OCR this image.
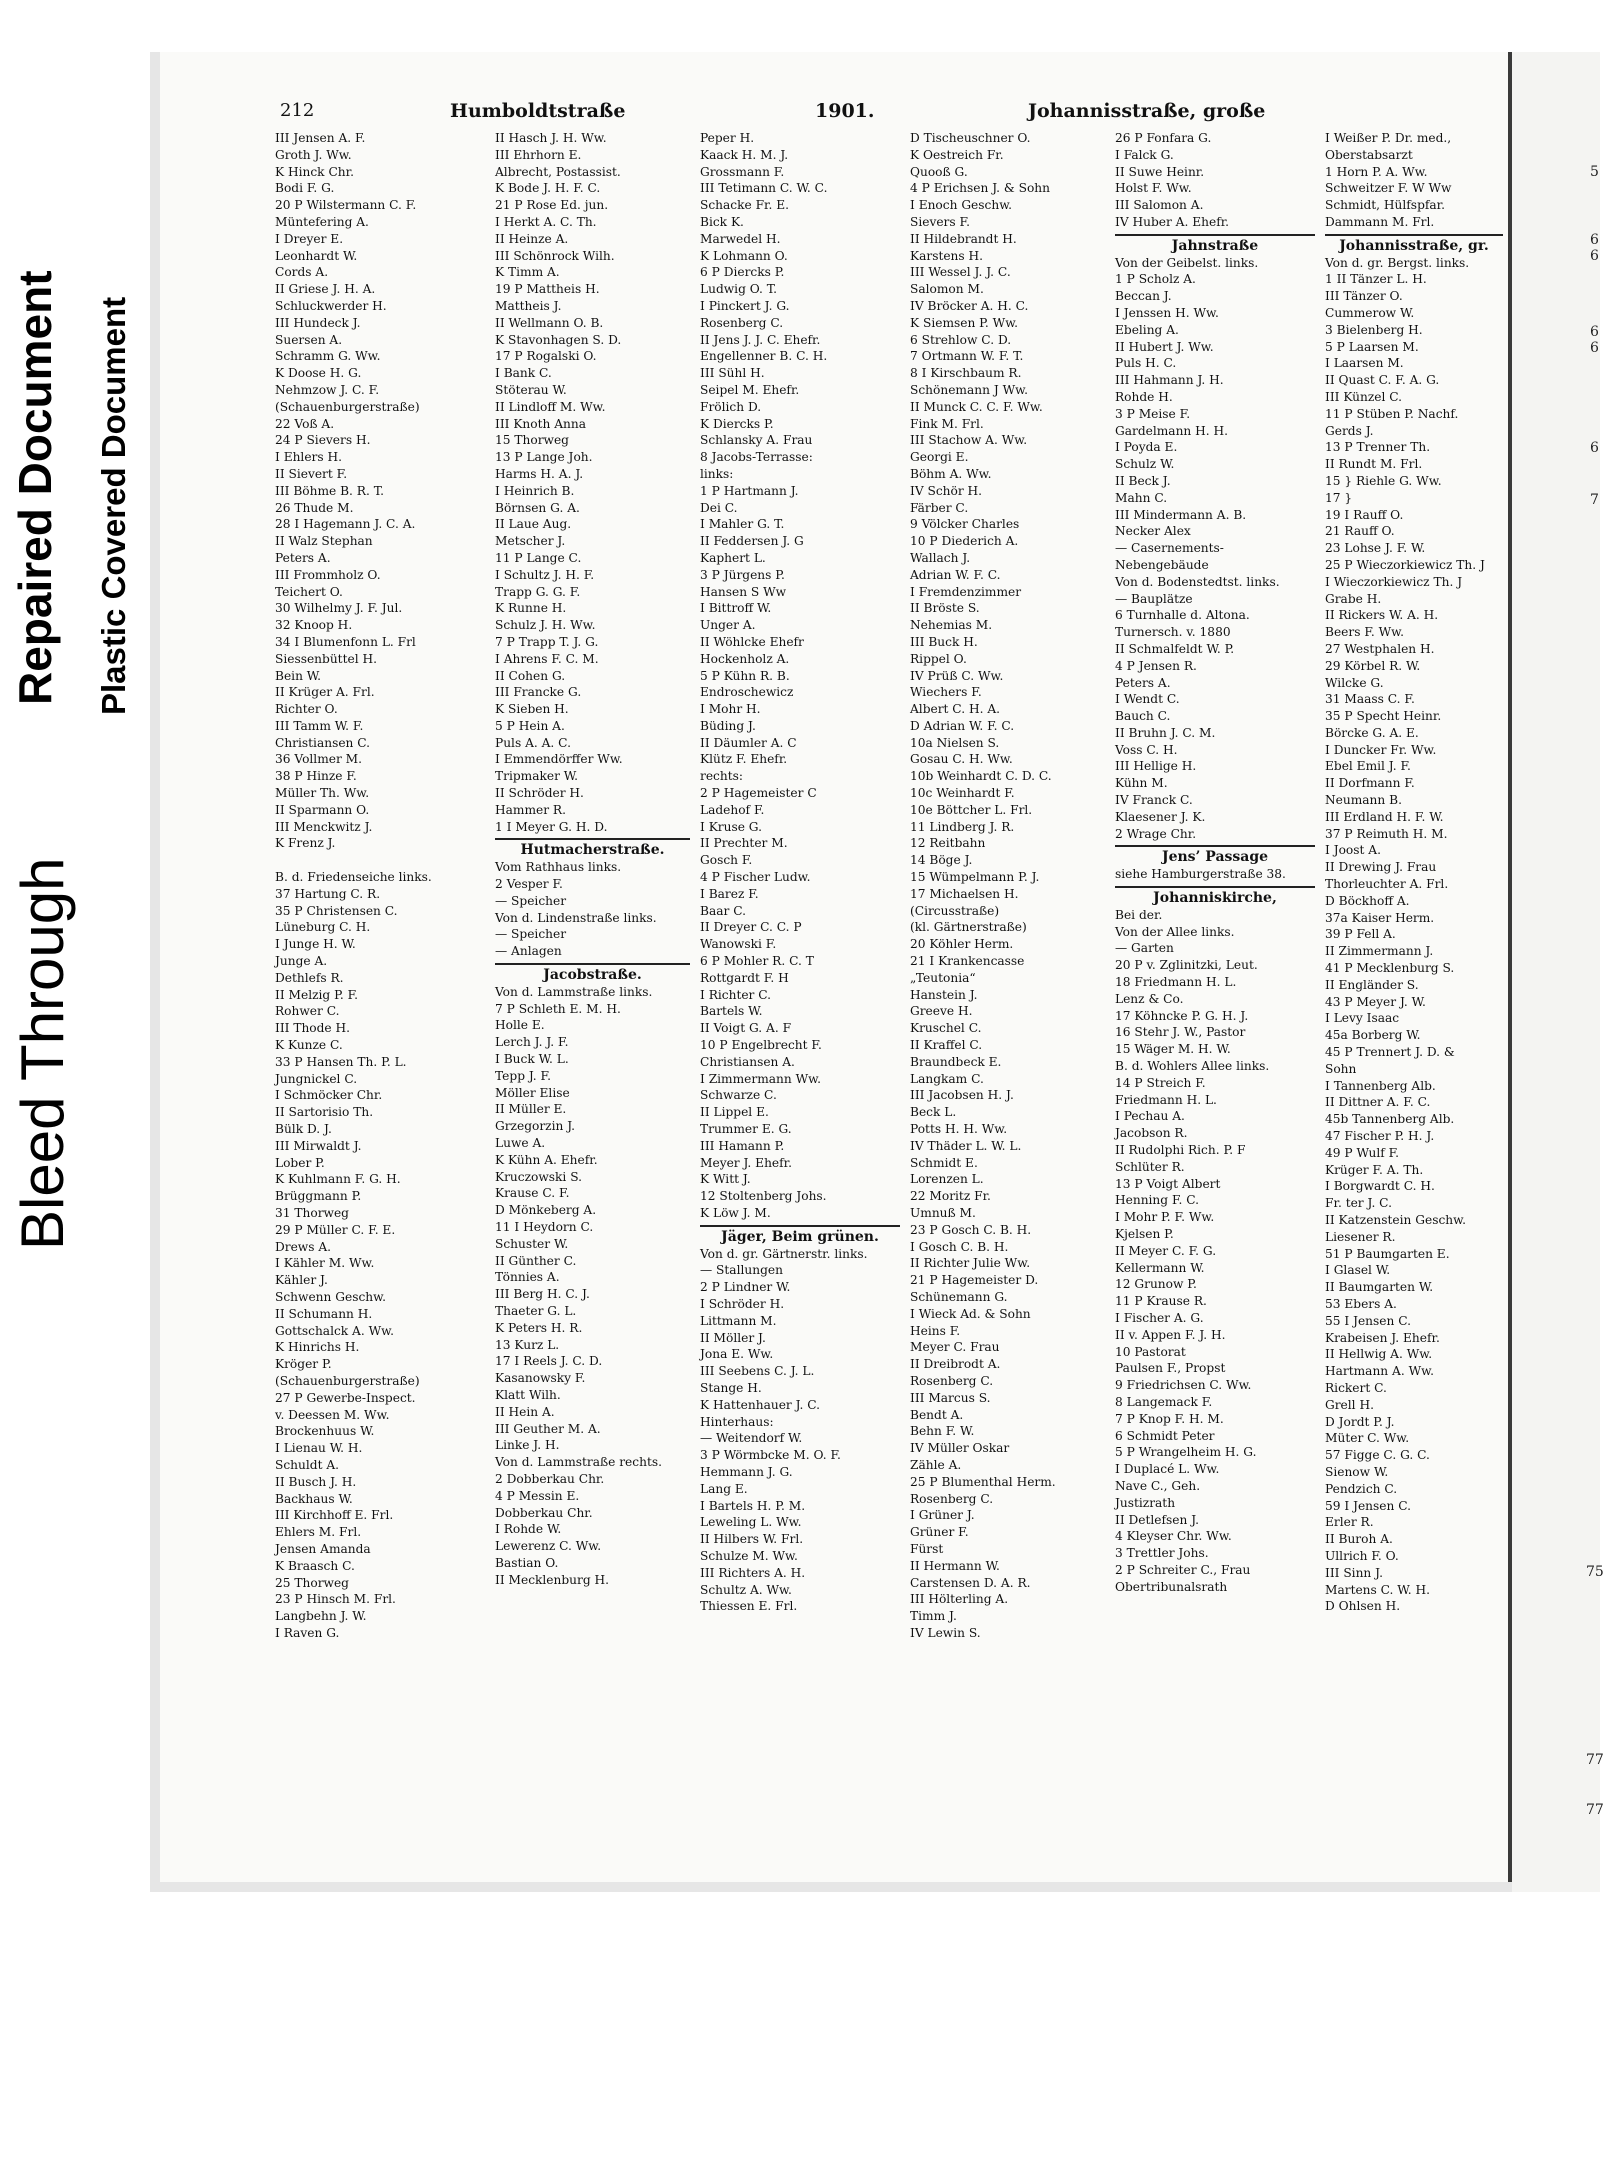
Bleed Through
Repaired Document Plastic Covered Document
212	Humboldtstraße	1901.	Johannisstraße, große
III Jensen A. F.
Groth J. Ww.
K Hinck Chr.
Bodi F. G.
20 P Wilstermann C. F.
Müntefering A.
I Dreyer E.
Leonhardt W.
Cords A.
II Griese J. H. A.
Schluckwerder H.
III Hundeck J.
Suersen A.
Schramm G. Ww.
K Doose H. G.
Nehmzow J. C. F.
(Schauenburgerstraße)
22 Voß A.
24 P Sievers H.
I Ehlers H.
II Sievert F.
III Böhme B. R. T.
26 Thude M.
28 I Hagemann J. C. A.
II Walz Stephan
Peters A.
III Frommholz O.
Teichert O.
30 Wilhelmy J. F. Jul.
32 Knoop H.
34 I Blumenfonn L. Frl
Siessenbüttel H.
Bein W.
II Krüger A. Frl.
Richter O.
III Tamm W. F.
Christiansen C.
36 Vollmer M.
38 P Hinze F.
Müller Th. Ww.
II Sparmann O.
III Menckwitz J.
K Frenz J.

B. d. Friedenseiche links.
37 Hartung C. R.
35 P Christensen C.
Lüneburg C. H.
I Junge H. W.
Junge A.
Dethlefs R.
II Melzig P. F.
Rohwer C.
III Thode H.
K Kunze C.
33 P Hansen Th. P. L.
Jungnickel C.
I Schmöcker Chr.
II Sartorisio Th.
Bülk D. J.
III Mirwaldt J.
Lober P.
K Kuhlmann F. G. H.
Brüggmann P.
31 Thorweg
29 P Müller C. F. E.
Drews A.
I Kähler M. Ww.
Kähler J.
Schwenn Geschw.
II Schumann H.
Gottschalck A. Ww.
K Hinrichs H.
Kröger P.
(Schauenburgerstraße)
27 P Gewerbe-Inspect.
v. Deessen M. Ww.
Brockenhuus W.
I Lienau W. H.
Schuldt A.
II Busch J. H.
Backhaus W.
III Kirchhoff E. Frl.
Ehlers M. Frl.
Jensen Amanda
K Braasch C.
25 Thorweg
23 P Hinsch M. Frl.
Langbehn J. W.
I Raven G.
II Hasch J. H. Ww.
III Ehrhorn E.
Albrecht, Postassist.
K Bode J. H. F. C.
21 P Rose Ed. jun.
I Herkt A. C. Th.
II Heinze A.
III Schönrock Wilh.
K Timm A.
19 P Mattheis H.
Mattheis J.
II Wellmann O. B.
K Stavonhagen S. D.
17 P Rogalski O.
I Bank C.
Stöterau W.
II Lindloff M. Ww.
III Knoth Anna
15 Thorweg
13 P Lange Joh.
Harms H. A. J.
I Heinrich B.
Börnsen G. A.
II Laue Aug.
Metscher J.
11 P Lange C.
I Schultz J. H. F.
Trapp G. G. F.
K Runne H.
Schulz J. H. Ww.
7 P Trapp T. J. G.
I Ahrens F. C. M.
II Cohen G.
III Francke G.
K Sieben H.
5 P Hein A.
Puls A. A. C.
I Emmendörffer Ww.
Tripmaker W.
II Schröder H.
Hammer R.
1 I Meyer G. H. D.
Hutmacherstraße.
Vom Rathhaus links.
2 Vesper F.
— Speicher
Von d. Lindenstraße links.
— Speicher
— Anlagen
Jacobstraße.
Von d. Lammstraße links.
7 P Schleth E. M. H.
Holle E.
Lerch J. J. F.
I Buck W. L.
Tepp J. F.
Möller Elise
II Müller E.
Grzegorzin J.
Luwe A.
K Kühn A. Ehefr.
Kruczowski S.
Krause C. F.
D Mönkeberg A.
11 I Heydorn C.
Schuster W.
II Günther C.
Tönnies A.
III Berg H. C. J.
Thaeter G. L.
K Peters H. R.
13 Kurz L.
17 I Reels J. C. D.
Kasanowsky F.
Klatt Wilh.
II Hein A.
III Geuther M. A.
Linke J. H.
Von d. Lammstraße rechts.
2 Dobberkau Chr.
4 P Messin E.
Dobberkau Chr.
I Rohde W.
Lewerenz C. Ww.
Bastian O.
II Mecklenburg H.
Peper H.
Kaack H. M. J.
Grossmann F.
III Tetimann C. W. C.
Schacke Fr. E.
Bick K.
Marwedel H.
K Lohmann O.
6 P Diercks P.
Ludwig O. T.
I Pinckert J. G.
Rosenberg C.
II Jens J. J. C. Ehefr.
Engellenner B. C. H.
III Sühl H.
Seipel M. Ehefr.
Frölich D.
K Diercks P.
Schlansky A. Frau
8 Jacobs-Terrasse:
links:
1 P Hartmann J.
Dei C.
I Mahler G. T.
II Feddersen J. G
Kaphert L.
3 P Jürgens P.
Hansen S Ww
I Bittroff W.
Unger A.
II Wöhlcke Ehefr
Hockenholz A.
5 P Kühn R. B.
Endroschewicz
I Mohr H.
Büding J.
II Däumler A. C
Klütz F. Ehefr.
rechts:
2 P Hagemeister C
Ladehof F.
I Kruse G.
II Prechter M.
Gosch F.
4 P Fischer Ludw.
I Barez F.
Baar C.
II Dreyer C. C. P
Wanowski F.
6 P Mohler R. C. T
Rottgardt F. H
I Richter C.
Bartels W.
II Voigt G. A. F
10 P Engelbrecht F.
Christiansen A.
I Zimmermann Ww.
Schwarze C.
II Lippel E.
Trummer E. G.
III Hamann P.
Meyer J. Ehefr.
K Witt J.
12 Stoltenberg Johs.
K Löw J. M.
Jäger, Beim grünen.
Von d. gr. Gärtnerstr. links.
— Stallungen
2 P Lindner W.
I Schröder H.
Littmann M.
II Möller J.
Jona E. Ww.
III Seebens C. J. L.
Stange H.
K Hattenhauer J. C.
Hinterhaus:
— Weitendorf W.
3 P Wörmbcke M. O. F.
Hemmann J. G.
Lang E.
I Bartels H. P. M.
Leweling L. Ww.
II Hilbers W. Frl.
Schulze M. Ww.
III Richters A. H.
Schultz A. Ww.
Thiessen E. Frl.
D Tischeuschner O.
K Oestreich Fr.
Quooß G.
4 P Erichsen J. & Sohn
I Enoch Geschw.
Sievers F.
II Hildebrandt H.
Karstens H.
III Wessel J. J. C.
Salomon M.
IV Bröcker A. H. C.
K Siemsen P. Ww.
6 Strehlow C. D.
7 Ortmann W. F. T.
8 I Kirschbaum R.
Schönemann J Ww.
II Munck C. C. F. Ww.
Fink M. Frl.
III Stachow A. Ww.
Georgi E.
Böhm A. Ww.
IV Schör H.
Färber C.
9 Völcker Charles
10 P Diederich A.
Wallach J.
Adrian W. F. C.
I Fremdenzimmer
II Bröste S.
Nehemias M.
III Buck H.
Rippel O.
IV Prüß C. Ww.
Wiechers F.
Albert C. H. A.
D Adrian W. F. C.
10a Nielsen S.
Gosau C. H. Ww.
10b Weinhardt C. D. C.
10c Weinhardt F.
10e Böttcher L. Frl.
11 Lindberg J. R.
12 Reitbahn
14 Böge J.
15 Wümpelmann P. J.
17 Michaelsen H.
(Circusstraße)
(kl. Gärtnerstraße)
20 Köhler Herm.
21 I Krankencasse
„Teutonia“
Hanstein J.
Greeve H.
Kruschel C.
II Kraffel C.
Braundbeck E.
Langkam C.
III Jacobsen H. J.
Beck L.
Potts H. H. Ww.
IV Thäder L. W. L.
Schmidt E.
Lorenzen L.
22 Moritz Fr.
Umnuß M.
23 P Gosch C. B. H.
I Gosch C. B. H.
II Richter Julie Ww.
21 P Hagemeister D.
Schünemann G.
I Wieck Ad. & Sohn
Heins F.
Meyer C. Frau
II Dreibrodt A.
Rosenberg C.
III Marcus S.
Bendt A.
Behn F. W.
IV Müller Oskar
Zähle A.
25 P Blumenthal Herm.
Rosenberg C.
I Grüner J.
Grüner F.
Fürst
II Hermann W.
Carstensen D. A. R.
III Hölterling A.
Timm J.
IV Lewin S.
26 P Fonfara G.
I Falck G.
II Suwe Heinr.
Holst F. Ww.
III Salomon A.
IV Huber A. Ehefr.
Jahnstraße
Von der Geibelst. links.
1 P Scholz A.
Beccan J.
I Jenssen H. Ww.
Ebeling A.
II Hubert J. Ww.
Puls H. C.
III Hahmann J. H.
Rohde H.
3 P Meise F.
Gardelmann H. H.
I Poyda E.
Schulz W.
II Beck J.
Mahn C.
III Mindermann A. B.
Necker Alex
— Casernements-
Nebengebäude
Von d. Bodenstedtst. links.
— Bauplätze
6 Turnhalle d. Altona.
Turnersch. v. 1880
II Schmalfeldt W. P.
4 P Jensen R.
Peters A.
I Wendt C.
Bauch C.
II Bruhn J. C. M.
Voss C. H.
III Hellige H.
Kühn M.
IV Franck C.
Klaesener J. K.
2 Wrage Chr.
Jens’ Passage
siehe Hamburgerstraße 38.
Johanniskirche,
Bei der.
Von der Allee links.
— Garten
20 P v. Zglinitzki, Leut.
18 Friedmann H. L.
Lenz & Co.
17 Köhncke P. G. H. J.
16 Stehr J. W., Pastor
15 Wäger M. H. W.
B. d. Wohlers Allee links.
14 P Streich F.
Friedmann H. L.
I Pechau A.
Jacobson R.
II Rudolphi Rich. P. F
Schlüter R.
13 P Voigt Albert
Henning F. C.
I Mohr P. F. Ww.
Kjelsen P.
II Meyer C. F. G.
Kellermann W.
12 Grunow P.
11 P Krause R.
I Fischer A. G.
II v. Appen F. J. H.
10 Pastorat
Paulsen F., Propst
9 Friedrichsen C. Ww.
8 Langemack F.
7 P Knop F. H. M.
6 Schmidt Peter
5 P Wrangelheim H. G.
I Duplacé L. Ww.
Nave C., Geh.
Justizrath
II Detlefsen J.
4 Kleyser Chr. Ww.
3 Trettler Johs.
2 P Schreiter C., Frau
Obertribunalsrath
I Weißer P. Dr. med.,
Oberstabsarzt
1 Horn P. A. Ww.
Schweitzer F. W Ww
Schmidt, Hülfspfar.
Dammann M. Frl.
Johannisstraße, gr.
Von d. gr. Bergst. links.
1 II Tänzer L. H.
III Tänzer O.
Cummerow W.
3 Bielenberg H.
5 P Laarsen M.
I Laarsen M.
II Quast C. F. A. G.
III Künzel C.
11 P Stüben P. Nachf.
Gerds J.
13 P Trenner Th.
II Rundt M. Frl.
15 } Riehle G. Ww.
17 }
19 I Rauff O.
21 Rauff O.
23 Lohse J. F. W.
25 P Wieczorkiewicz Th. J
I Wieczorkiewicz Th. J
Grabe H.
II Rickers W. A. H.
Beers F. Ww.
27 Westphalen H.
29 Körbel R. W.
Wilcke G.
31 Maass C. F.
35 P Specht Heinr.
Börcke G. A. E.
I Duncker Fr. Ww.
Ebel Emil J. F.
II Dorfmann F.
Neumann B.
III Erdland H. F. W.
37 P Reimuth H. M.
I Joost A.
II Drewing J. Frau
Thorleuchter A. Frl.
D Böckhoff A.
37a Kaiser Herm.
39 P Fell A.
II Zimmermann J.
41 P Mecklenburg S.
II Engländer S.
43 P Meyer J. W.
I Levy Isaac
45a Borberg W.
45 P Trennert J. D. &
Sohn
I Tannenberg Alb.
II Dittner A. F. C.
45b Tannenberg Alb.
47 Fischer P. H. J.
49 P Wulf F.
Krüger F. A. Th.
I Borgwardt C. H.
Fr. ter J. C.
II Katzenstein Geschw.
Liesener R.
51 P Baumgarten E.
I Glasel W.
II Baumgarten W.
53 Ebers A.
55 I Jensen C.
Krabeisen J. Ehefr.
II Hellwig A. Ww.
Hartmann A. Ww.
Rickert C.
Grell H.
D Jordt P. J.
Müter C. Ww.
57 Figge C. G. C.
Sienow W.
Pendzich C.
59 I Jensen C.
Erler R.
II Buroh A.
Ullrich F. O.
III Sinn J.
Martens C. W. H.
D Ohlsen H.
5
6
6
6
6
6
7
75
77
77
